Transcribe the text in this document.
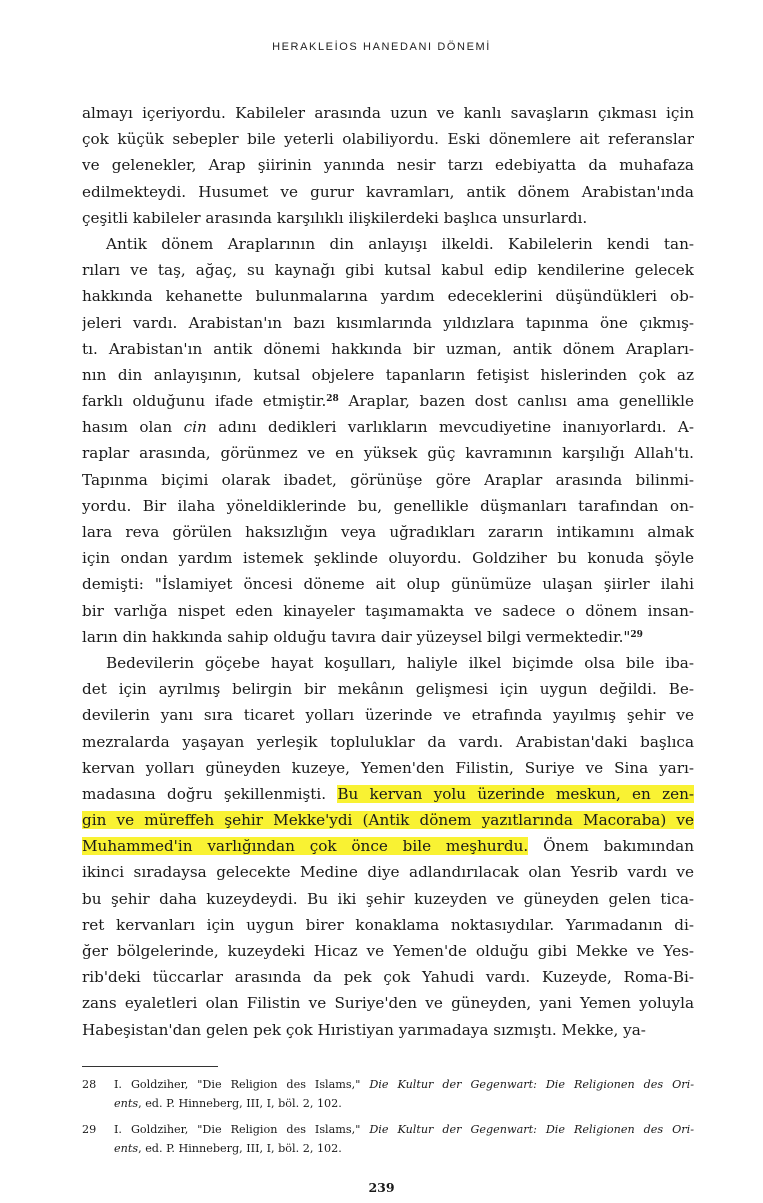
HERAKLEİOS HANEDANI DÖNEMİ
almayı içeriyordu. Kabileler arasında uzun ve kanlı savaşların çıkması için
çok küçük sebepler bile yeterli olabiliyordu. Eski dönemlere ait referanslar
ve gelenekler, Arap şiirinin yanında nesir tarzı edebiyatta da muhafaza
edilmekteydi. Husumet ve gurur kavramları, antik dönem Arabistan'ında
çeşitli kabileler arasında karşılıklı ilişkilerdeki başlıca unsurlardı.
Antik dönem Araplarının din anlayışı ilkeldi. Kabilelerin kendi tan-
rıları ve taş, ağaç, su kaynağı gibi kutsal kabul edip kendilerine gelecek
hakkında kehanette bulunmalarına yardım edeceklerini düşündükleri ob-
jeleri vardı. Arabistan'ın bazı kısımlarında yıldızlara tapınma öne çıkmış-
tı. Arabistan'ın antik dönemi hakkında bir uzman, antik dönem Arapları-
nın din anlayışının, kutsal objelere tapanların fetişist hislerinden çok az
farklı olduğunu ifade etmiştir.$^{28}$ Araplar, bazen dost canlısı ama genellikle
hasım olan cin adını dedikleri varlıkların mevcudiyetine inanıyorlardı. A-
raplar arasında, görünmez ve en yüksek güç kavramının karşılığı Allah'tı.
Tapınma biçimi olarak ibadet, görünüşe göre Araplar arasında bilinmi-
yordu. Bir ilaha yöneldiklerinde bu, genellikle düşmanları tarafından on-
lara reva görülen haksızlığın veya uğradıkları zararın intikamını almak
için ondan yardım istemek şeklinde oluyordu. Goldziher bu konuda şöyle
demişti: "İslamiyet öncesi döneme ait olup günümüze ulaşan şiirler ilahi
bir varlığa nispet eden kinayeler taşımamakta ve sadece o dönem insan-
ların din hakkında sahip olduğu tavıra dair yüzeysel bilgi vermektedir."$^{29}$
Bedevilerin göçebe hayat koşulları, haliyle ilkel biçimde olsa bile iba-
det için ayrılmış belirgin bir mekânın gelişmesi için uygun değildi. Be-
devilerin yanı sıra ticaret yolları üzerinde ve etrafında yayılmış şehir ve
mezralarda yaşayan yerleşik topluluklar da vardı. Arabistan'daki başlıca
kervan yolları güneyden kuzeye, Yemen'den Filistin, Suriye ve Sina yarı-
madasına doğru şekillenmişti. Bu kervan yolu üzerinde meskun, en zen-
gin ve müreffeh şehir Mekke'ydi (Antik dönem yazıtlarında Macoraba) ve
Muhammed'in varlığından çok önce bile meşhurdu. Önem bakımından
ikinci sıradaysa gelecekte Medine diye adlandırılacak olan Yesrib vardı ve
bu şehir daha kuzeydeydi. Bu iki şehir kuzeyden ve güneyden gelen tica-
ret kervanları için uygun birer konaklama noktasıydılar. Yarımadanın di-
ğer bölgelerinde, kuzeydeki Hicaz ve Yemen'de olduğu gibi Mekke ve Yes-
rib'deki tüccarlar arasında da pek çok Yahudi vardı. Kuzeyde, Roma-Bi-
zans eyaletleri olan Filistin ve Suriye'den ve güneyden, yani Yemen yoluyla
Habeşistan'dan gelen pek çok Hıristiyan yarımadaya sızmıştı. Mekke, ya-
28 I. Goldziher, "Die Religion des Islams," Die Kultur der Gegenwart: Die Religionen des Ori-
ents, ed. P. Hinneberg, III, I, böl. 2, 102.
29 I. Goldziher, "Die Religion des Islams," Die Kultur der Gegenwart: Die Religionen des Ori-
ents, ed. P. Hinneberg, III, I, böl. 2, 102.
239
